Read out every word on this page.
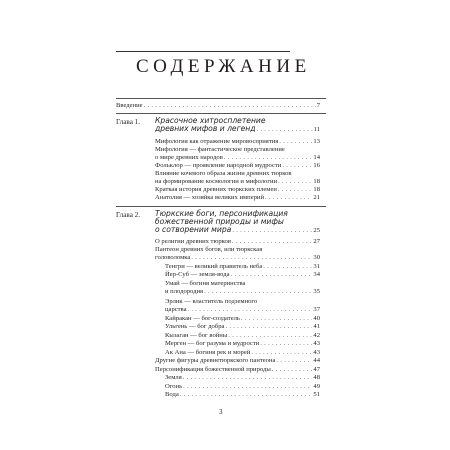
СОДЕРЖАНИЕ
Введение . . .	7
Глава 1. Красочное хитросплетение
древних мифов и легенд . . .	11
Мифология как отражение мировосприятия . . .	13
Мифология — фантастическое представление
о мире древних народов . . .	14
Фольклор — проявление народной мудрости . . .	16
Влияние кочевого образа жизни древних тюрков
на формирование космологии и мифологии . . .	18
Краткая история древних тюркских племен . . .	18
Анатолия — хозяйка великих империй . . .	21
Глава 2. Тюркские боги, персонификация
божественной природы и мифы
о сотворении мира . . .	25
О религии древних тюрков . . .	27
Пантеон древних богов, или тюркская
головоломка . . .	30
Тенгри — великий правитель неба . . .	31
Йер-Суб — земля-вода . . .	34
Умай — богиня материнства
и плодородия . . .	35
Эрлик — властитель подземного
царства . . .	37
Кайракан — бог-создатель . . .	40
Ульгень — бог добра . . .	41
Кызаган — бог войны . . .	42
Мерген — бог разума и мудрости . . .	43
Ак Ана — богиня рек и морей . . .	43
Другие фигуры древнетюркского пантеона . . .	44
Персонификация божественной природы . . .	47
Земля . . .	48
Огонь . . .	49
Вода . . .	51
3
